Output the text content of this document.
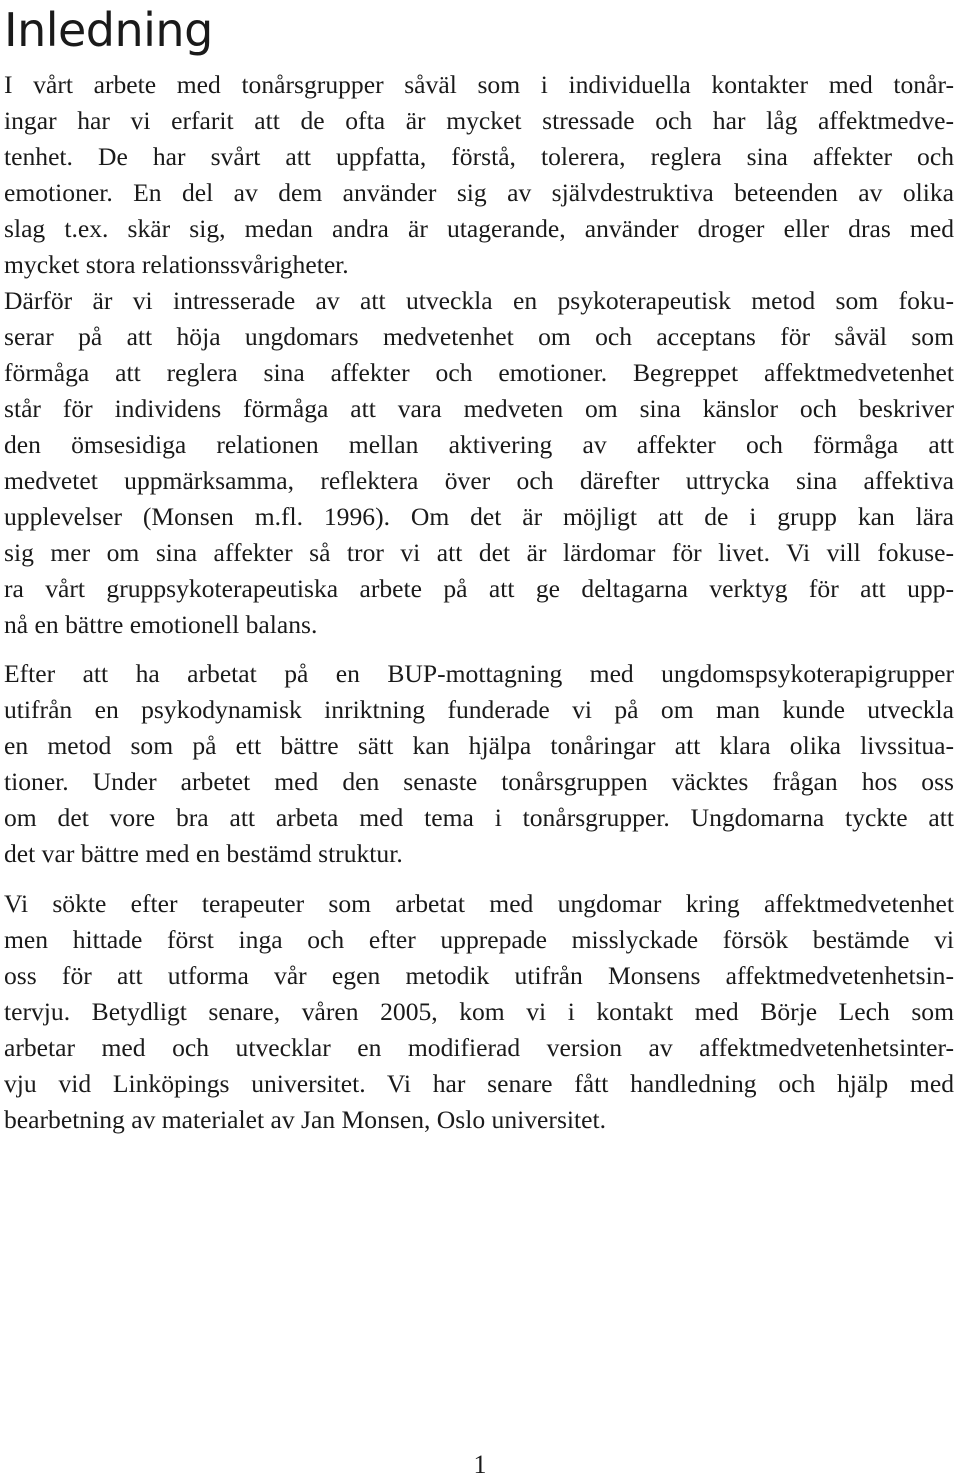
Inledning

I vårt arbete med tonårsgrupper såväl som i individuella kontakter med tonår-
ingar har vi erfarit att de ofta är mycket stressade och har låg affektmedve-
tenhet. De har svårt att uppfatta, förstå, tolerera, reglera sina affekter och
emotioner. En del av dem använder sig av självdestruktiva beteenden av olika
slag t.ex. skär sig, medan andra är utagerande, använder droger eller dras med
mycket stora relationssvårigheter.

Därför är vi intresserade av att utveckla en psykoterapeutisk metod som foku-
serar på att höja ungdomars medvetenhet om och acceptans för såväl som
förmåga att reglera sina affekter och emotioner. Begreppet affektmedvetenhet
står för individens förmåga att vara medveten om sina känslor och beskriver
den ömsesidiga relationen mellan aktivering av affekter och förmåga att
medvetet uppmärksamma, reflektera över och därefter uttrycka sina affektiva
upplevelser (Monsen m.fl. 1996). Om det är möjligt att de i grupp kan lära
sig mer om sina affekter så tror vi att det är lärdomar för livet. Vi vill fokuse-
ra vårt gruppsykoterapeutiska arbete på att ge deltagarna verktyg för att upp-
nå en bättre emotionell balans.

Efter att ha arbetat på en BUP-mottagning med ungdomspsykoterapigrupper
utifrån en psykodynamisk inriktning funderade vi på om man kunde utveckla
en metod som på ett bättre sätt kan hjälpa tonåringar att klara olika livssitua-
tioner. Under arbetet med den senaste tonårsgruppen väcktes frågan hos oss
om det vore bra att arbeta med tema i tonårsgrupper. Ungdomarna tyckte att
det var bättre med en bestämd struktur.

Vi sökte efter terapeuter som arbetat med ungdomar kring affektmedvetenhet
men hittade först inga och efter upprepade misslyckade försök bestämde vi
oss för att utforma vår egen metodik utifrån Monsens affektmedvetenhetsin-
tervju. Betydligt senare, våren 2005, kom vi i kontakt med Börje Lech som
arbetar med och utvecklar en modifierad version av affektmedvetenhetsinter-
vju vid Linköpings universitet. Vi har senare fått handledning och hjälp med
bearbetning av materialet av Jan Monsen, Oslo universitet.

1
